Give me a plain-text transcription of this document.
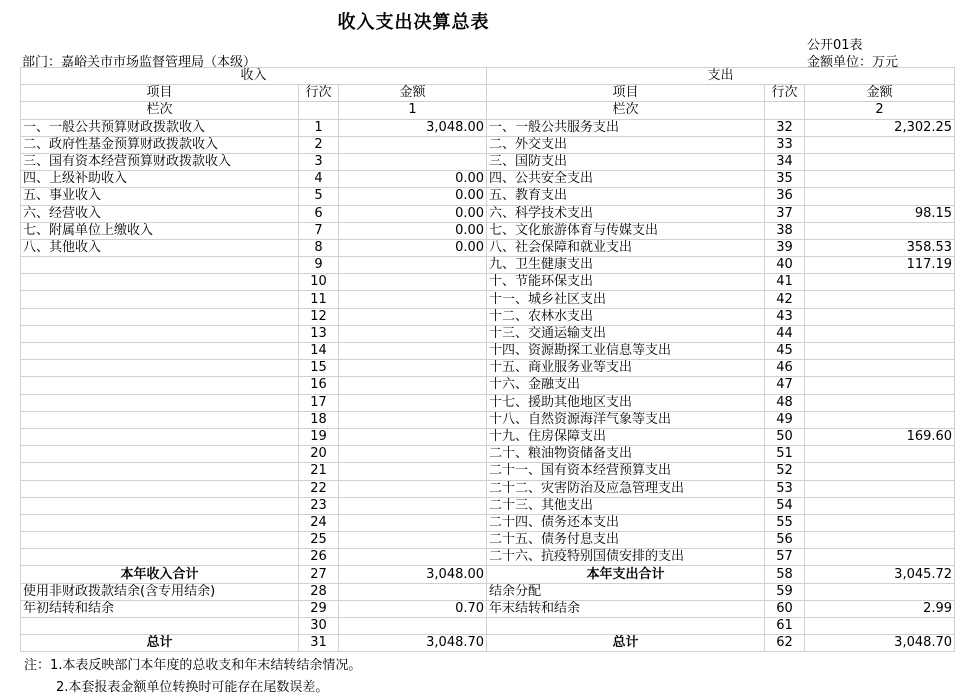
收入支出决算总表
公开01表
部门：嘉峪关市市场监督管理局（本级）	金额单位：万元
收入			支出		
项目	行次	金额	项目	行次	金额
栏次		1	栏次		2
一、一般公共预算财政拨款收入	1	3,048.00	一、一般公共服务支出	32	2,302.25
二、政府性基金预算财政拨款收入	2		二、外交支出	33	
三、国有资本经营预算财政拨款收入	3		三、国防支出	34	
四、上级补助收入	4	0.00	四、公共安全支出	35	
五、事业收入	5	0.00	五、教育支出	36	
六、经营收入	6	0.00	六、科学技术支出	37	98.15
七、附属单位上缴收入	7	0.00	七、文化旅游体育与传媒支出	38	
八、其他收入	8	0.00	八、社会保障和就业支出	39	358.53
	9		九、卫生健康支出	40	117.19
	10		十、节能环保支出	41	
	11		十一、城乡社区支出	42	
	12		十二、农林水支出	43	
	13		十三、交通运输支出	44	
	14		十四、资源勘探工业信息等支出	45	
	15		十五、商业服务业等支出	46	
	16		十六、金融支出	47	
	17		十七、援助其他地区支出	48	
	18		十八、自然资源海洋气象等支出	49	
	19		十九、住房保障支出	50	169.60
	20		二十、粮油物资储备支出	51	
	21		二十一、国有资本经营预算支出	52	
	22		二十二、灾害防治及应急管理支出	53	
	23		二十三、其他支出	54	
	24		二十四、债务还本支出	55	
	25		二十五、债务付息支出	56	
	26		二十六、抗疫特别国债安排的支出	57	
本年收入合计	27	3,048.00	本年支出合计	58	3,045.72
使用非财政拨款结余(含专用结余)	28		结余分配	59	
年初结转和结余	29	0.70	年末结转和结余	60	2.99
	30			61	
总计	31	3,048.70	总计	62	3,048.70
注：1.本表反映部门本年度的总收支和年末结转结余情况。
2.本套报表金额单位转换时可能存在尾数误差。
